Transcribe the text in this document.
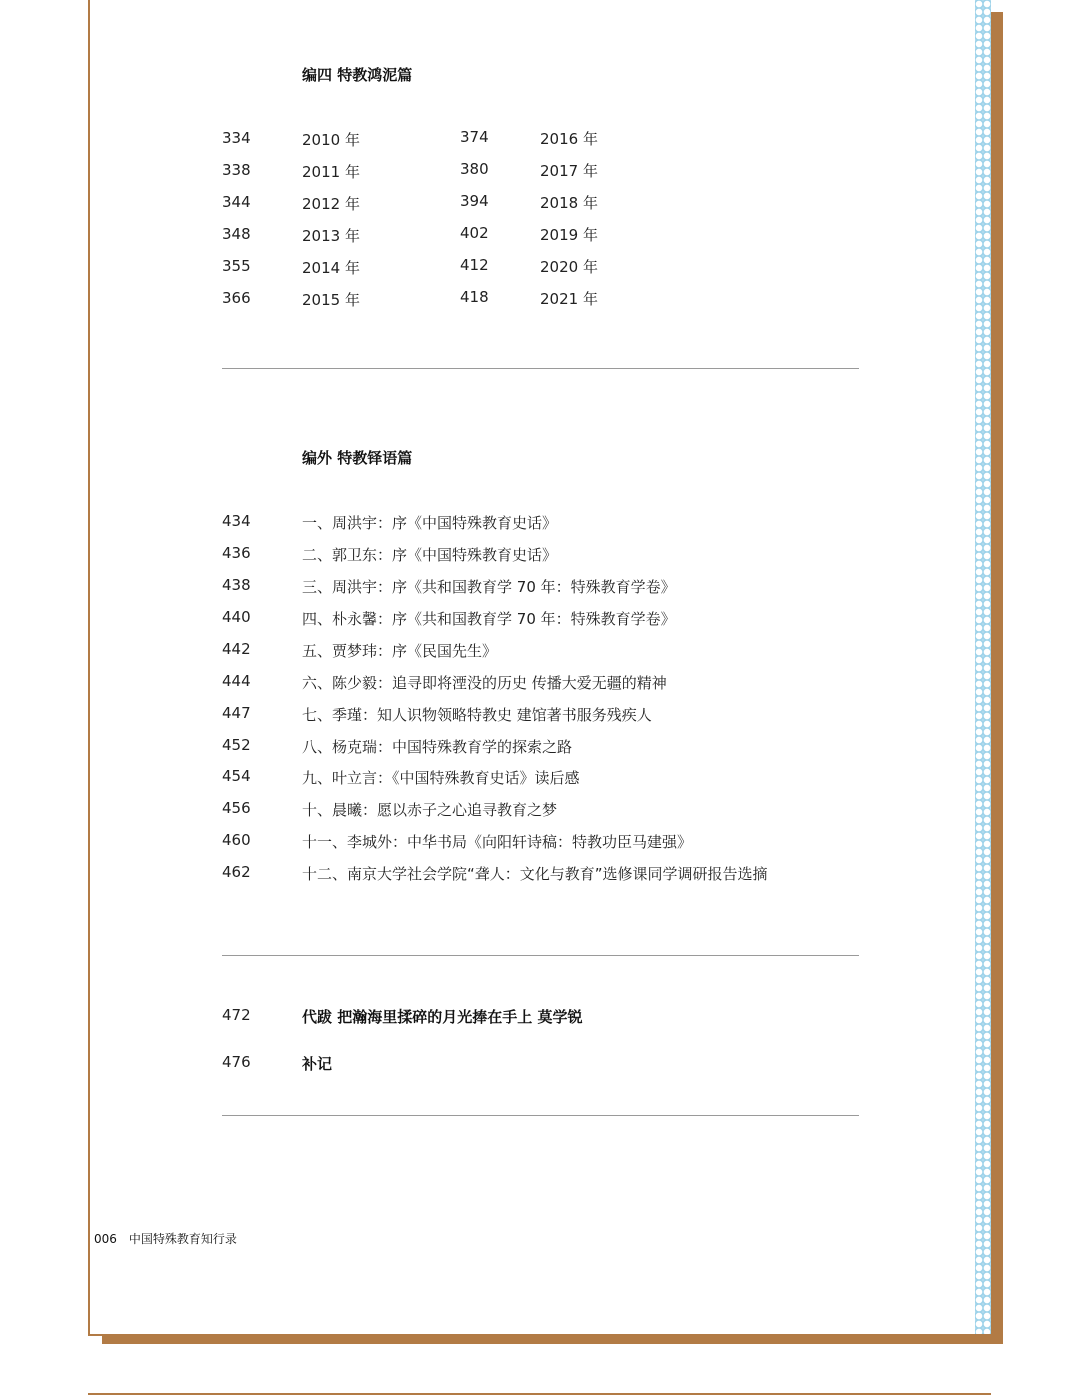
编四 特教鸿泥篇
334	2010 年
338	2011 年
344	2012 年
348	2013 年
355	2014 年
366	2015 年
374	2016 年
380	2017 年
394	2018 年
402	2019 年
412	2020 年
418	2021 年
编外 特教铎语篇
434	一、周洪宇：序《中国特殊教育史话》
436	二、郭卫东：序《中国特殊教育史话》
438	三、周洪宇：序《共和国教育学 70 年：特殊教育学卷》
440	四、朴永馨：序《共和国教育学 70 年：特殊教育学卷》
442	五、贾梦玮：序《民国先生》
444	六、陈少毅：追寻即将湮没的历史 传播大爱无疆的精神
447	七、季瑾：知人识物领略特教史 建馆著书服务残疾人
452	八、杨克瑞：中国特殊教育学的探索之路
454	九、叶立言：《中国特殊教育史话》读后感
456	十、晨曦：愿以赤子之心追寻教育之梦
460	十一、李城外：中华书局《向阳轩诗稿：特教功臣马建强》
462	十二、南京大学社会学院“聋人：文化与教育”选修课同学调研报告选摘
472	代跋 把瀚海里揉碎的月光捧在手上 莫学锐
476	补记
006 中国特殊教育知行录
